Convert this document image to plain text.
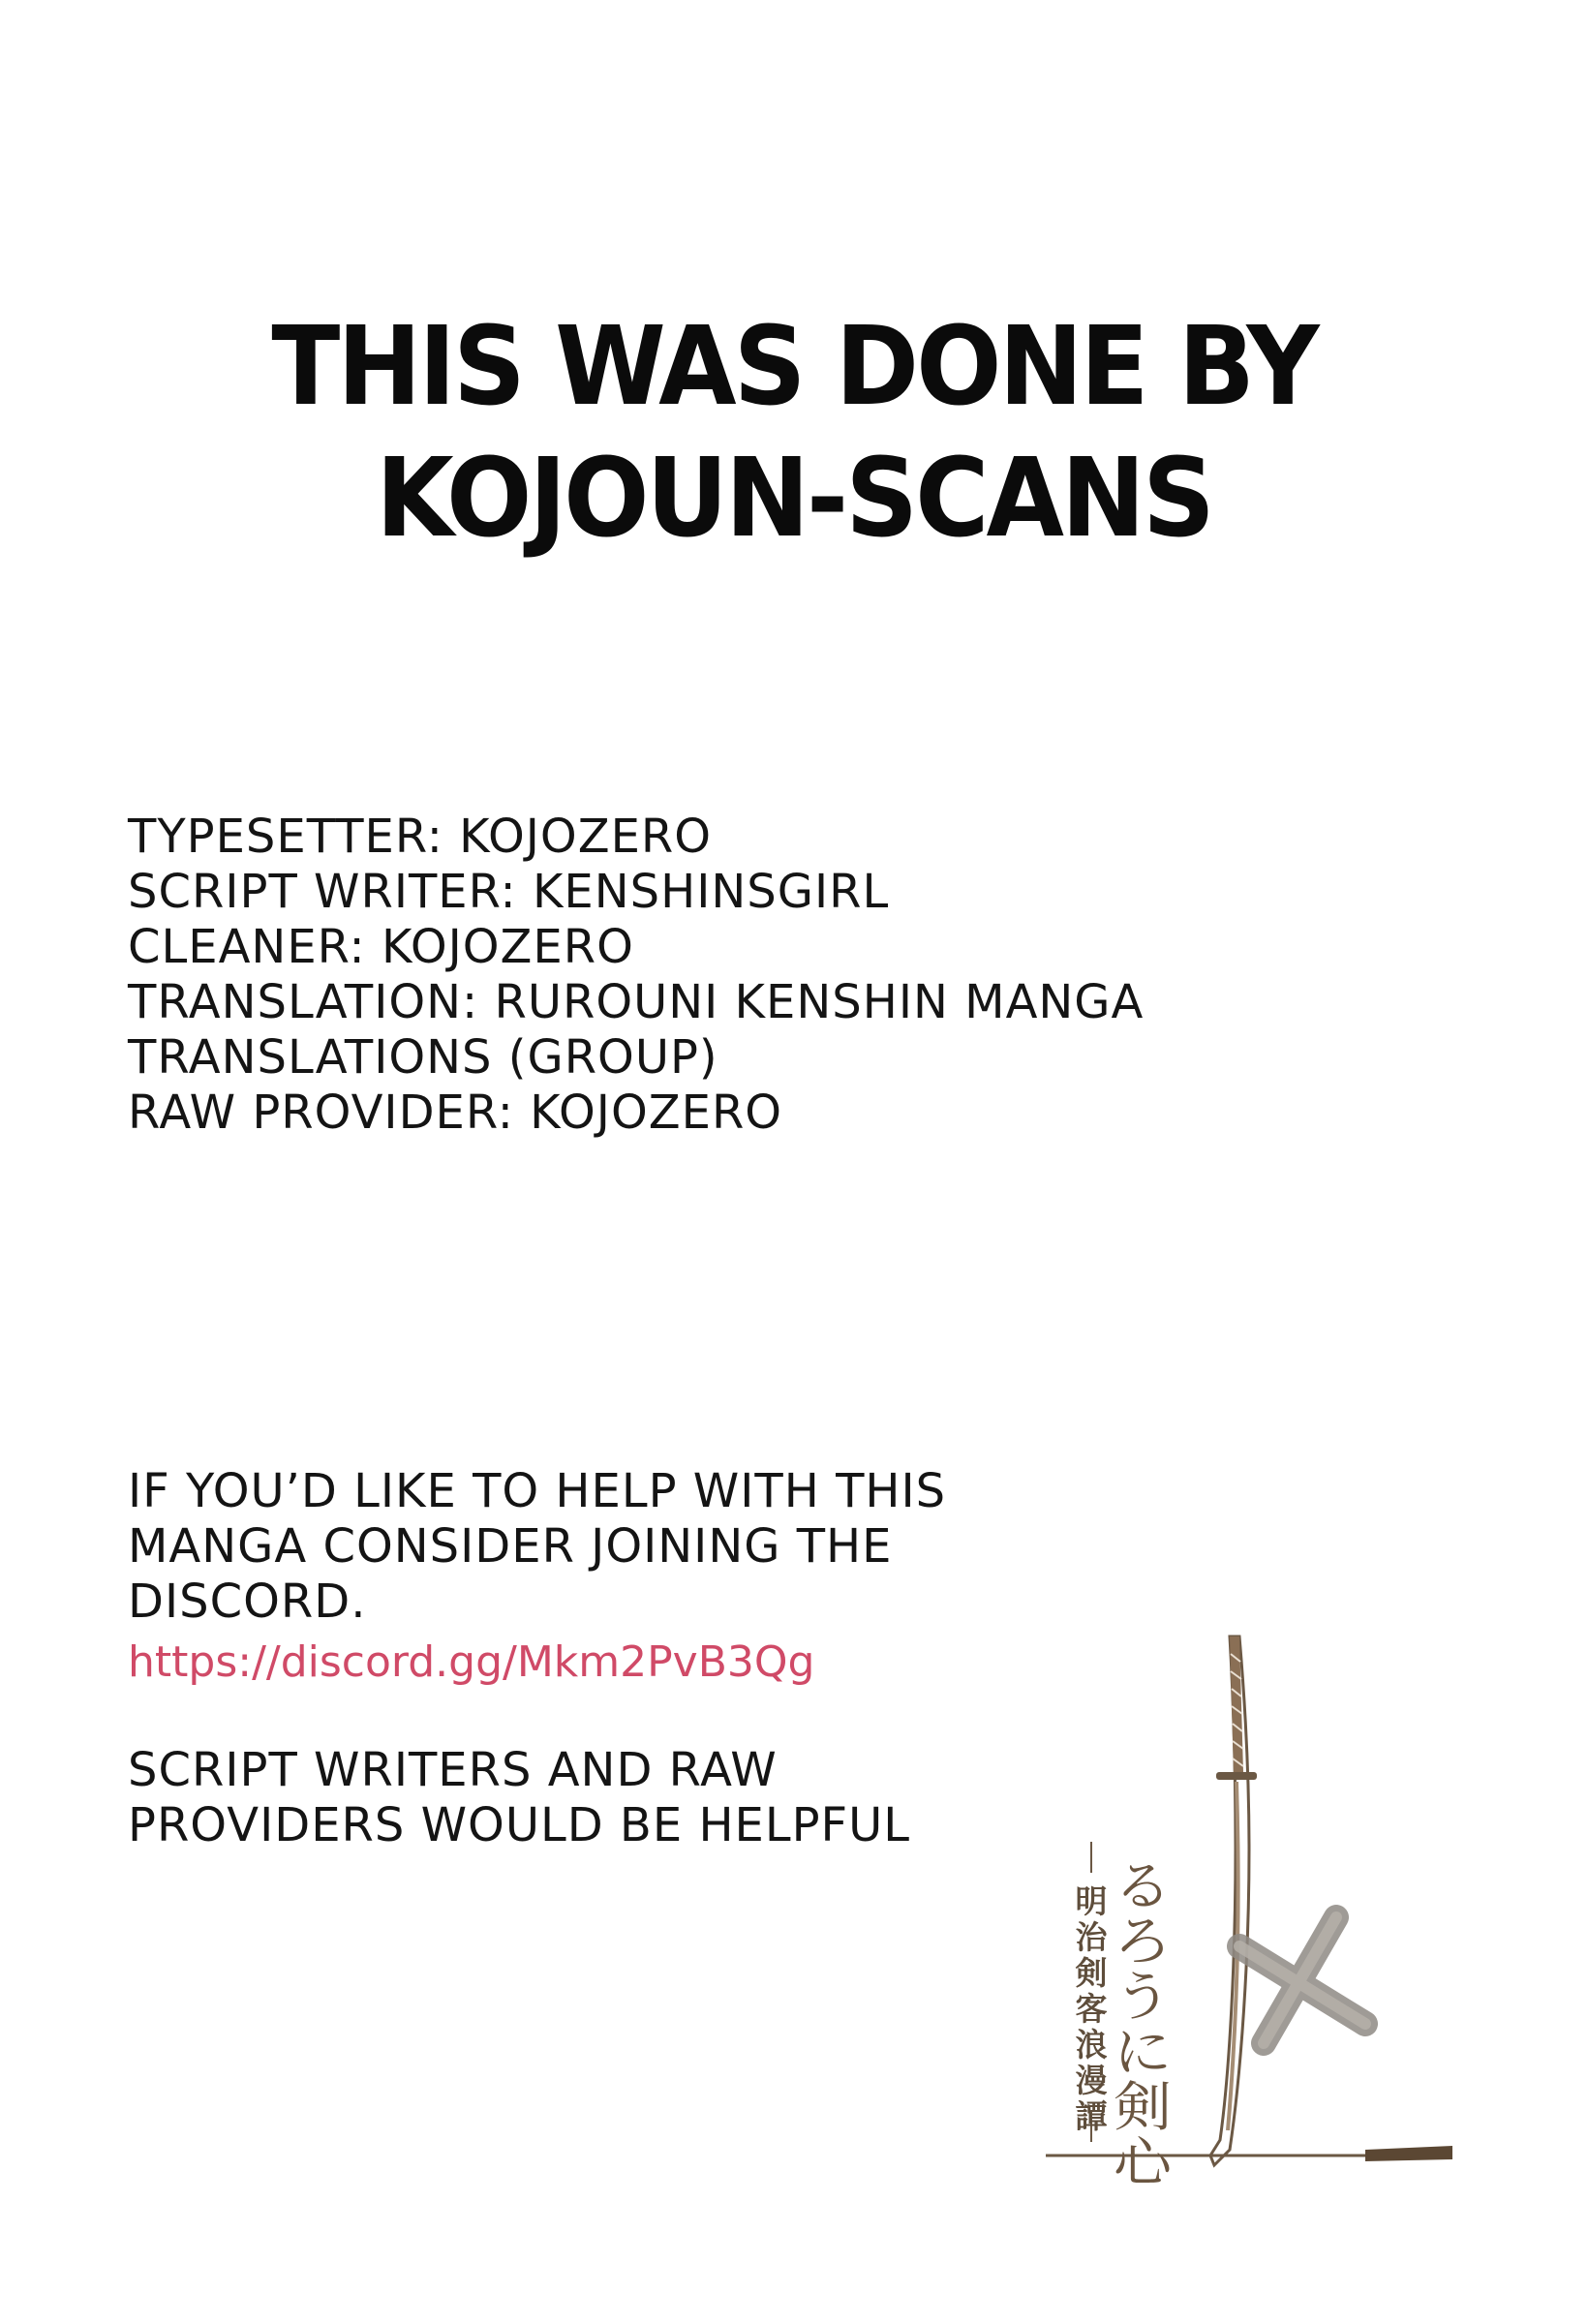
THIS WAS DONE BY
KOJOUN-SCANS
TYPESETTER: KOJOZERO
SCRIPT WRITER: KENSHINSGIRL
CLEANER: KOJOZERO
TRANSLATION: RUROUNI KENSHIN MANGA
TRANSLATIONS (GROUP)
RAW PROVIDER: KOJOZERO
IF YOU’D LIKE TO HELP WITH THIS
MANGA CONSIDER JOINING THE
DISCORD.
https://discord.gg/Mkm2PvB3Qg
SCRIPT WRITERS AND RAW
PROVIDERS WOULD BE HELPFUL
るろうに剣心
明治剣客浪漫譚
